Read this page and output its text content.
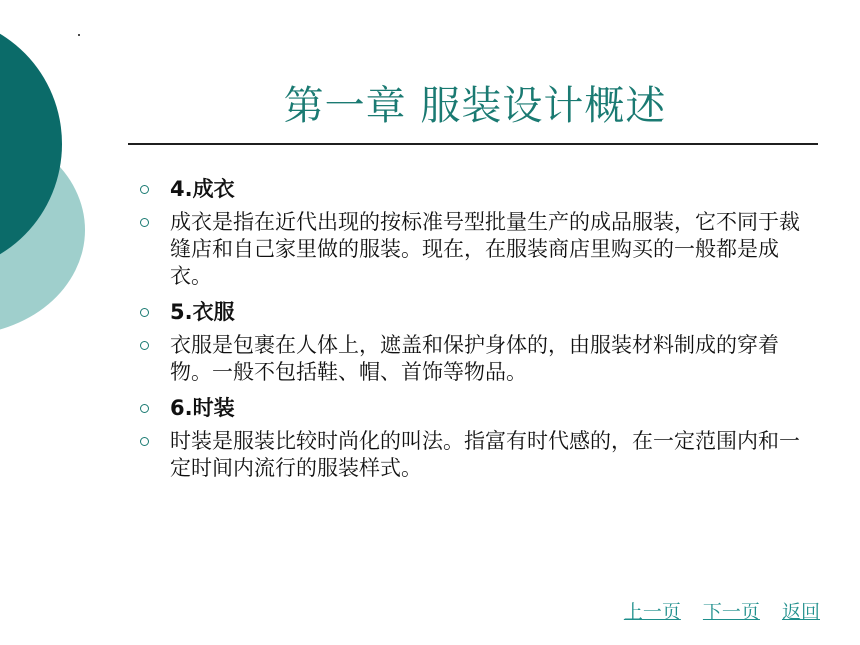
第一章 服装设计概述
4.成衣
成衣是指在近代出现的按标准号型批量生产的成品服装，它不同于裁缝店和自己家里做的服装。现在，在服装商店里购买的一般都是成衣。
5.衣服
衣服是包裹在人体上，遮盖和保护身体的，由服装材料制成的穿着物。一般不包括鞋、帽、首饰等物品。
6.时装
时装是服装比较时尚化的叫法。指富有时代感的，在一定范围内和一定时间内流行的服装样式。
上一页 下一页 返回
